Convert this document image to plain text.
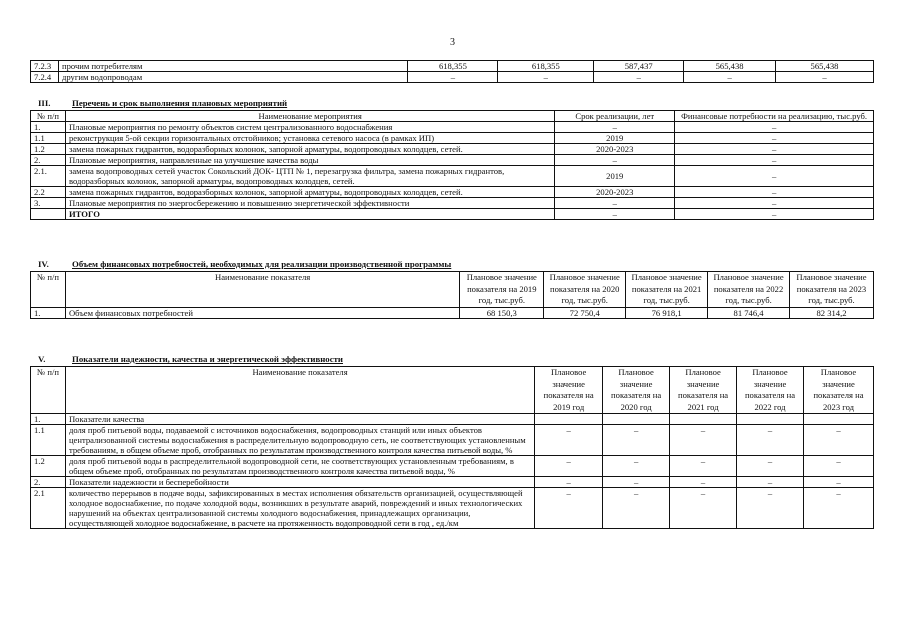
3
7.2.3	прочим потребителям	618,355	618,355	587,437	565,438	565,438
7.2.4	другим водопроводам	–	–	–	–	–
III. Перечень и срок выполнения плановых мероприятий
№ п/п	Наименование мероприятия	Срок реализации, лет	Финансовые потребности на реализацию, тыс.руб.
1.	Плановые мероприятия по ремонту объектов систем централизованного водоснабжения	–	–
1.1	реконструкция 5-ой секции горизонтальных отстойников; установка сетевого насоса (в рамках ИП)	2019	–
1.2	замена пожарных гидрантов, водоразборных колонок, запорной арматуры, водопроводных колодцев, сетей.	2020-2023	–
2.	Плановые мероприятия, направленные на улучшение качества воды	–	–
2.1.	замена водопроводных сетей участок Сокольский ДОК- ЦТП № 1, перезагрузка фильтра, замена пожарных гидрантов, водоразборных колонок, запорной арматуры, водопроводных колодцев, сетей.	2019	–
2.2	замена пожарных гидрантов, водоразборных колонок, запорной арматуры, водопроводных колодцев, сетей.	2020-2023	–
3.	Плановые мероприятия по энергосбережению и повышению энергетической эффективности	–	–
	ИТОГО	–	–
IV.	Объем финансовых потребностей, необходимых для реализации производственной программы
№ п/п	Наименование показателя	Плановое значение показателя на 2019 год, тыс.руб.	Плановое значение показателя на 2020 год, тыс.руб.	Плановое значение показателя на 2021 год, тыс.руб.	Плановое значение показателя на 2022 год, тыс.руб.	Плановое значение показателя на 2023 год, тыс.руб.
1.	Объем финансовых потребностей	68 150,3	72 750,4	76 918,1	81 746,4	82 314,2
V.	Показатели надежности, качества и энергетической эффективности
№ п/п	Наименование показателя	Плановое значение показателя на 2019 год	Плановое значение показателя на 2020 год	Плановое значение показателя на 2021 год	Плановое значение показателя на 2022 год	Плановое значение показателя на 2023 год
1.	Показатели качества					
1.1	доля проб питьевой воды, подаваемой с источников водоснабжения, водопроводных станций или иных объектов централизованной системы водоснабжения в распределительную водопроводную сеть, не соответствующих установленным требованиям, в общем объеме проб, отобранных по результатам производственного контроля качества питьевой воды, %	–	–	–	–	–
1.2	доля проб питьевой воды в распределительной водопроводной сети, не соответствующих установленным требованиям, в общем объеме проб, отобранных по результатам производственного контроля качества питьевой воды, %	–	–	–	–	–
2.	Показатели надежности и бесперебойности	–	–	–	–	–
2.1	количество перерывов в подаче воды, зафиксированных в местах исполнения обязательств организацией, осуществляющей холодное водоснабжение, по подаче холодной воды, возникших в результате аварий, повреждений и иных технологических нарушений на объектах централизованной системы холодного водоснабжения, принадлежащих организации, осуществляющей холодное водоснабжение, в расчете на протяженность водопроводной сети в год , ед./км	–	–	–	–	–
